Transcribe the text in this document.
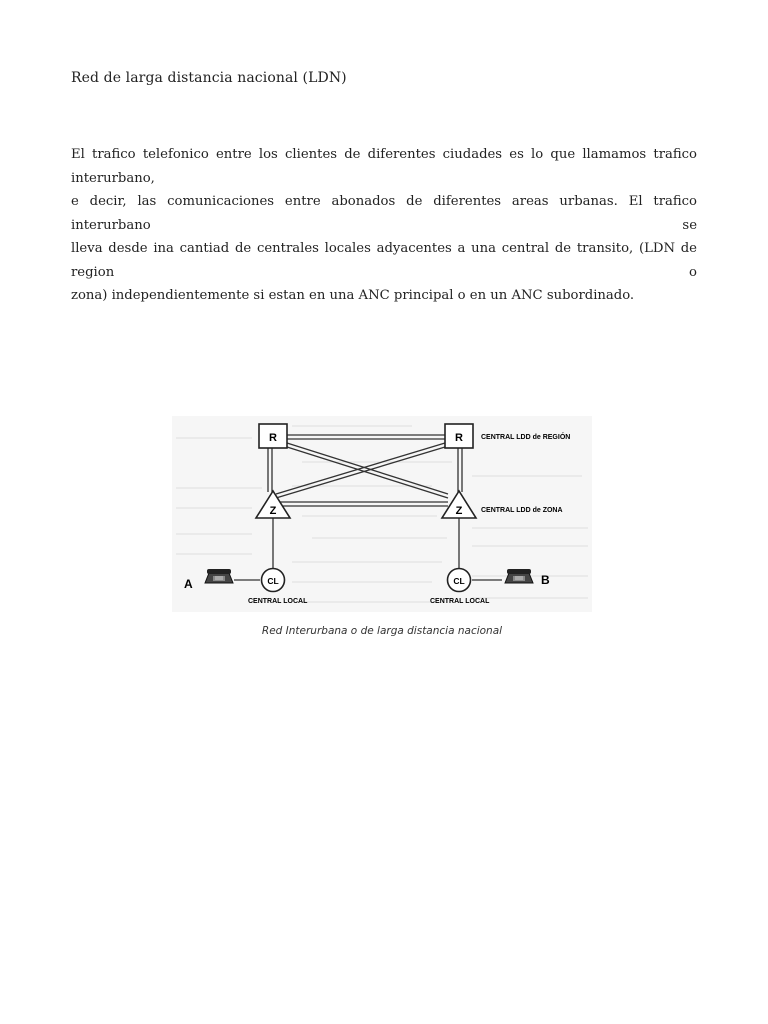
Red de larga distancia nacional (LDN)
El trafico telefonico entre los clientes de diferentes ciudades es lo que llamamos trafico interurbano,
e decir, las comunicaciones entre abonados de diferentes areas urbanas. El trafico interurbano se
lleva desde ina cantiad de centrales locales adyacentes a una central de transito, (LDN de region o
zona) independientemente si estan en una ANC principal o en un ANC subordinado.
R	R
Z	Z
CL	CL
CENTRAL LDD de REGIÓN
CENTRAL LDD de ZONA
CENTRAL LOCAL	CENTRAL LOCAL
A	B
Red Interurbana o de larga distancia nacional
